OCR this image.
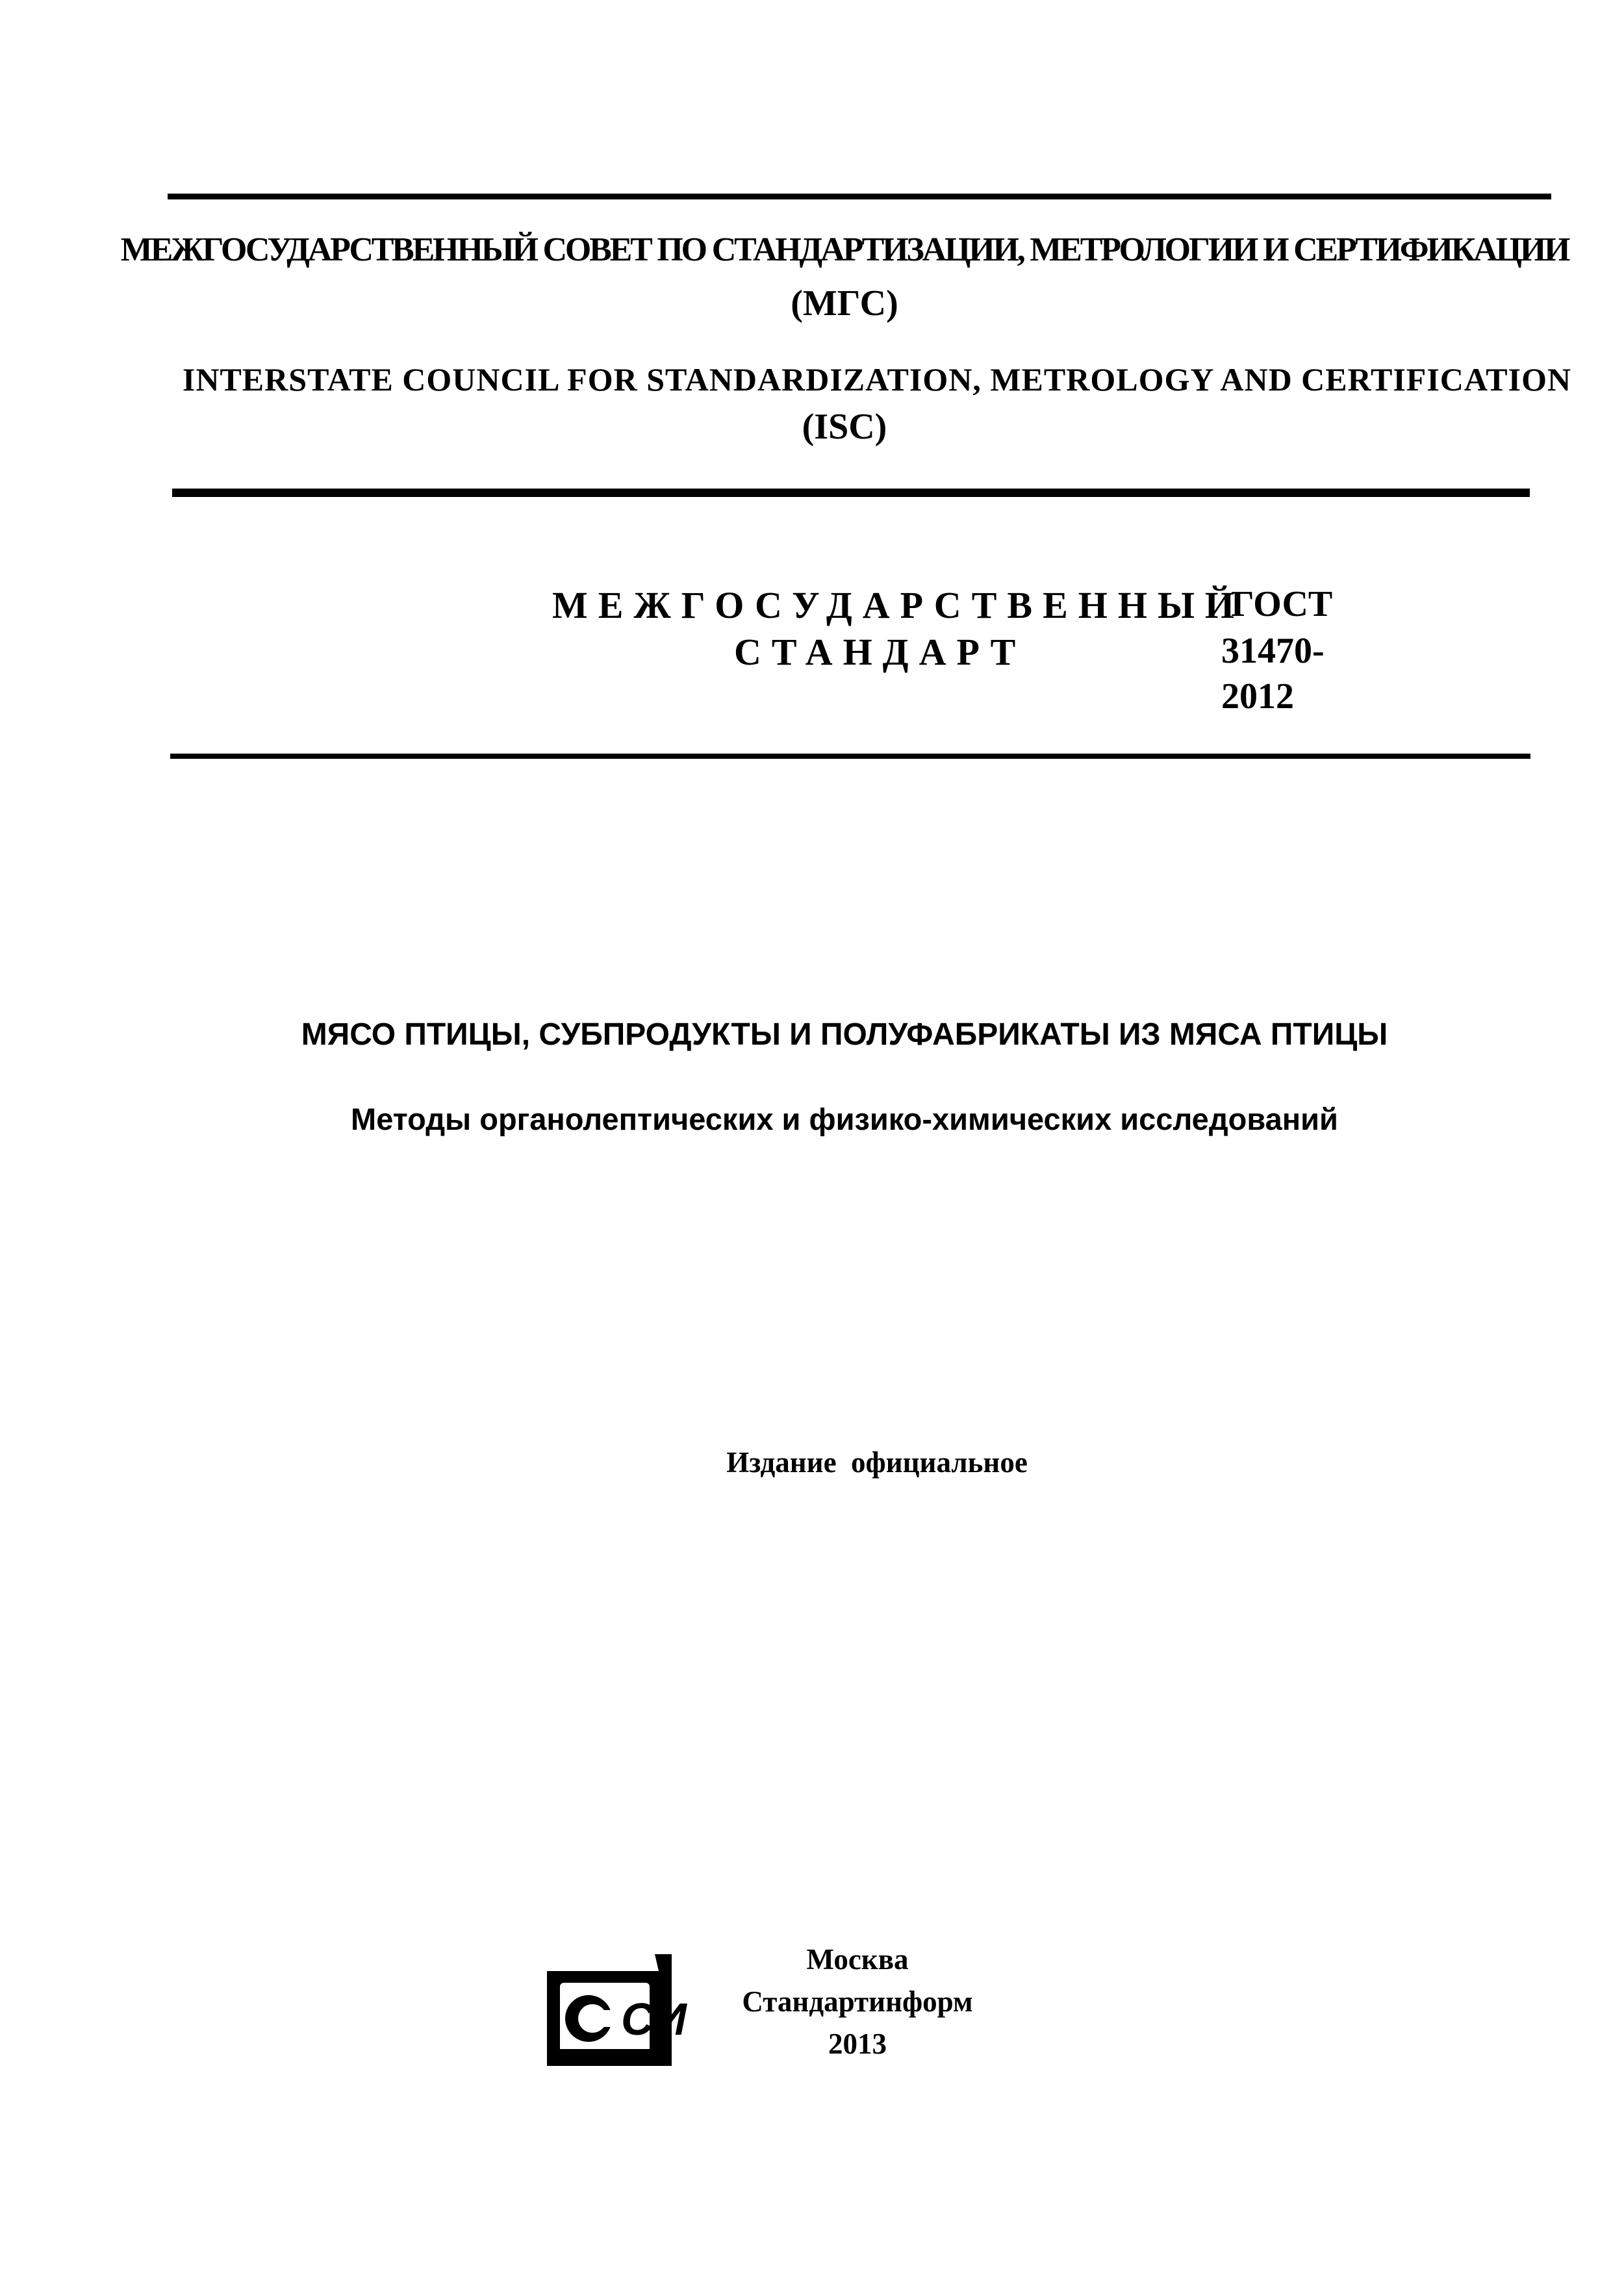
МЕЖГОСУДАРСТВЕННЫЙ СОВЕТ ПО СТАНДАРТИЗАЦИИ, МЕТРОЛОГИИ И СЕРТИФИКАЦИИ
(МГС)
INTERSTATE COUNCIL FOR STANDARDIZATION, METROLOGY AND CERTIFICATION
(ISC)
МЕЖГОСУДАРСТВЕННЫЙ
СТАНДАРТ
ГОСТ
31470-
2012
МЯСО ПТИЦЫ, СУБПРОДУКТЫ И ПОЛУФАБРИКАТЫ ИЗ МЯСА ПТИЦЫ
Методы органолептических и физико-химических исследований
Издание  официальное
СИ
Москва
Стандартинформ
2013
